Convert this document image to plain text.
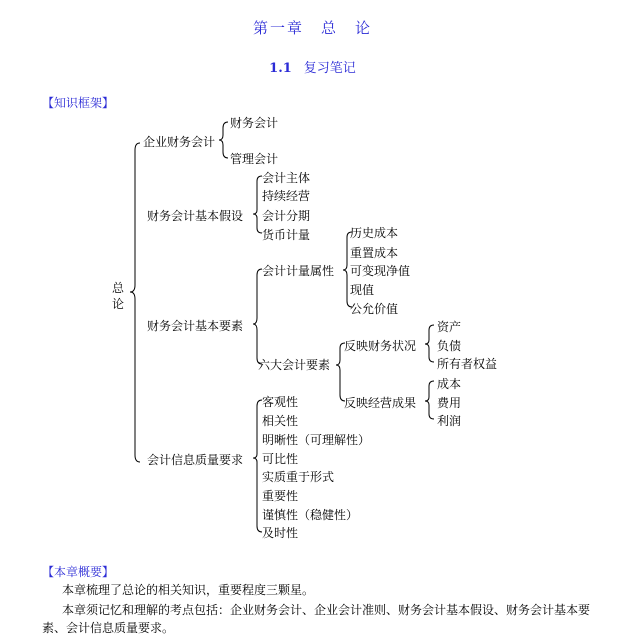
第一章　总　论
1.1 复习笔记
【知识框架】
总论
企业财务会计
财务会计基本假设
财务会计基本要素
会计信息质量要求
财务会计
管理会计
会计主体
持续经营
会计分期
货币计量
会计计量属性
六大会计要素
历史成本
重置成本
可变现净值
现值
公允价值
反映财务状况
反映经营成果
资产
负债
所有者权益
成本
费用
利润
客观性
相关性
明晰性（可理解性）
可比性
实质重于形式
重要性
谨慎性（稳健性）
及时性
【本章概要】
本章梳理了总论的相关知识，重要程度三颗星。
本章须记忆和理解的考点包括：企业财务会计、企业会计准则、财务会计基本假设、财务会计基本要
素、会计信息质量要求。
